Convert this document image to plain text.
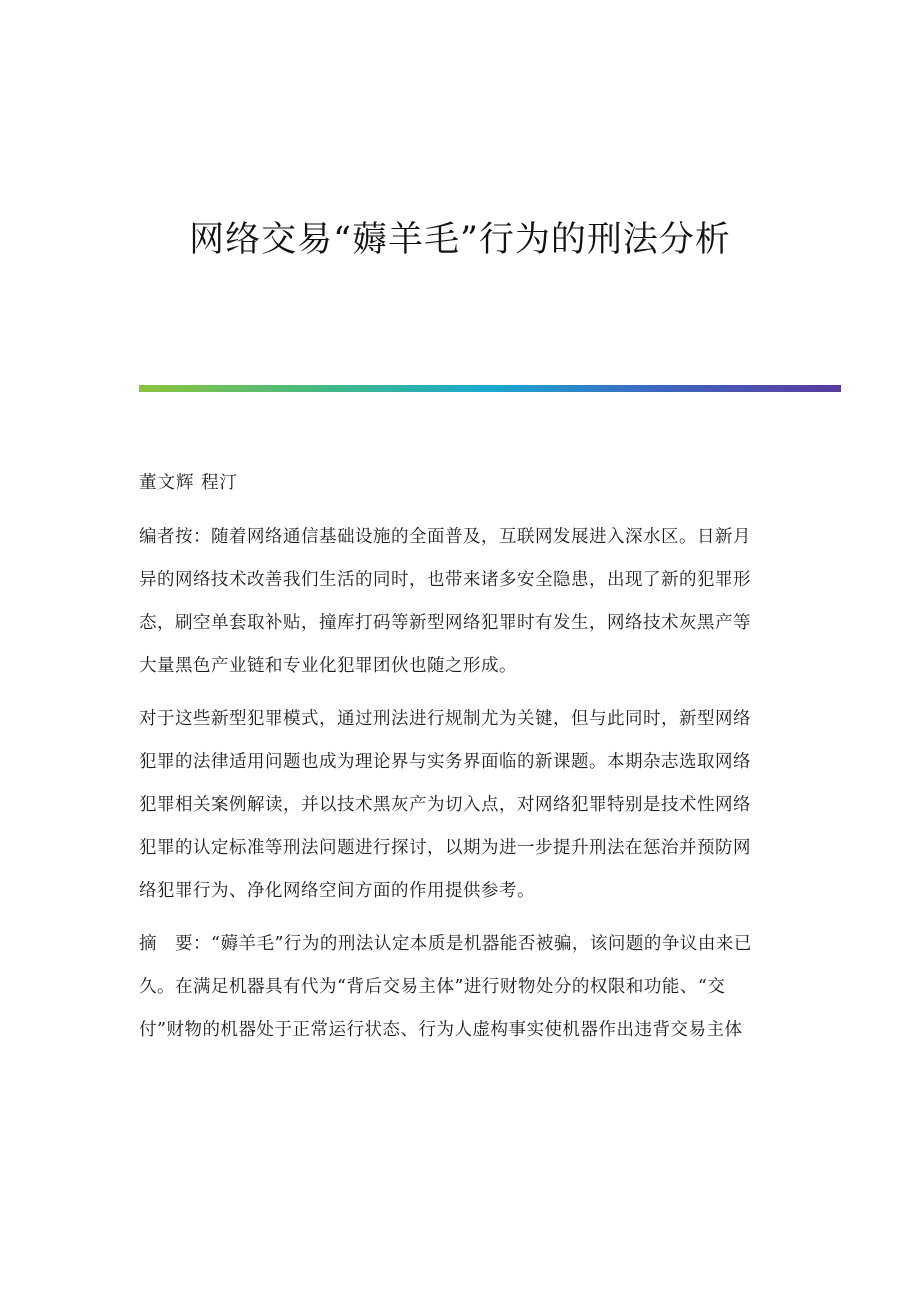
网络交易“薅羊毛”行为的刑法分析

董文辉 程汀

编者按：随着网络通信基础设施的全面普及，互联网发展进入深水区。日新月
异的网络技术改善我们生活的同时，也带来诸多安全隐患，出现了新的犯罪形
态，刷空单套取补贴，撞库打码等新型网络犯罪时有发生，网络技术灰黑产等
大量黑色产业链和专业化犯罪团伙也随之形成。

对于这些新型犯罪模式，通过刑法进行规制尤为关键，但与此同时，新型网络
犯罪的法律适用问题也成为理论界与实务界面临的新课题。本期杂志选取网络
犯罪相关案例解读，并以技术黑灰产为切入点，对网络犯罪特别是技术性网络
犯罪的认定标准等刑法问题进行探讨，以期为进一步提升刑法在惩治并预防网
络犯罪行为、净化网络空间方面的作用提供参考。

摘　要：“薅羊毛”行为的刑法认定本质是机器能否被骗，该问题的争议由来已
久。在满足机器具有代为“背后交易主体”进行财物处分的权限和功能、“交
付”财物的机器处于正常运行状态、行为人虚构事实使机器作出违背交易主体
